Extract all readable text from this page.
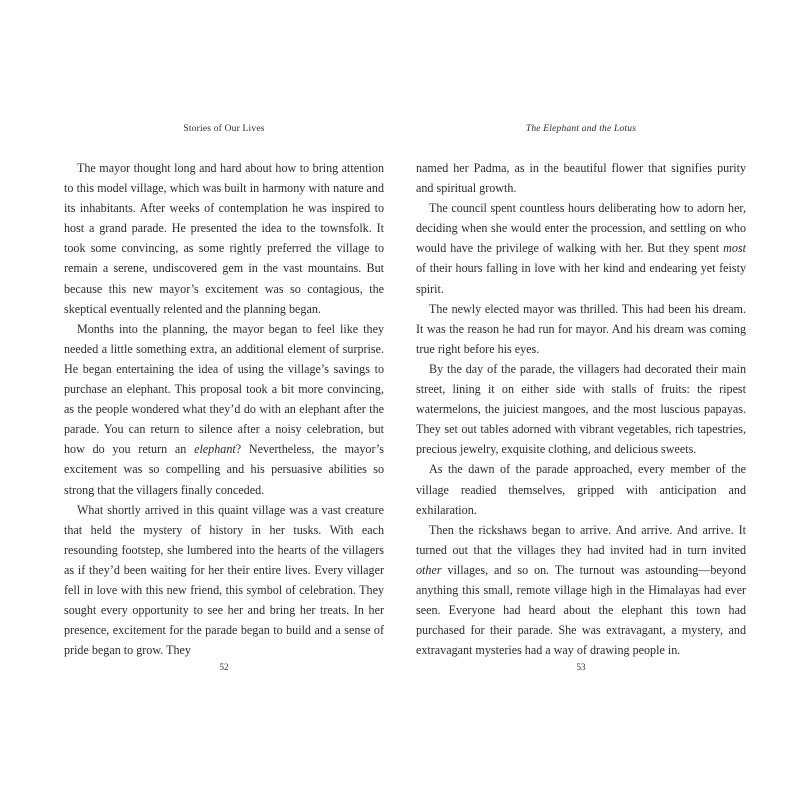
Stories of Our Lives

The mayor thought long and hard about how to bring attention to this model village, which was built in harmony with nature and its inhabitants. After weeks of contemplation he was inspired to host a grand parade. He presented the idea to the townsfolk. It took some convincing, as some rightly preferred the village to remain a serene, undiscovered gem in the vast mountains. But because this new mayor’s excitement was so contagious, the skeptical eventually relented and the planning began.

Months into the planning, the mayor began to feel like they needed a little something extra, an additional element of surprise. He began entertaining the idea of using the village’s savings to purchase an elephant. This proposal took a bit more convincing, as the people wondered what they’d do with an elephant after the parade. You can return to silence after a noisy celebration, but how do you return an elephant? Nevertheless, the mayor’s excitement was so compelling and his persuasive abilities so strong that the villagers finally conceded.

What shortly arrived in this quaint village was a vast creature that held the mystery of history in her tusks. With each resounding footstep, she lumbered into the hearts of the villagers as if they’d been waiting for her their entire lives. Every villager fell in love with this new friend, this symbol of celebration. They sought every opportunity to see her and bring her treats. In her presence, excitement for the parade began to build and a sense of pride began to grow. They

52
The Elephant and the Lotus

named her Padma, as in the beautiful flower that signifies purity and spiritual growth.

The council spent countless hours deliberating how to adorn her, deciding when she would enter the procession, and settling on who would have the privilege of walking with her. But they spent most of their hours falling in love with her kind and endearing yet feisty spirit.

The newly elected mayor was thrilled. This had been his dream. It was the reason he had run for mayor. And his dream was coming true right before his eyes.

By the day of the parade, the villagers had decorated their main street, lining it on either side with stalls of fruits: the ripest watermelons, the juiciest mangoes, and the most luscious papayas. They set out tables adorned with vibrant vegetables, rich tapestries, precious jewelry, exquisite clothing, and delicious sweets.

As the dawn of the parade approached, every member of the village readied themselves, gripped with anticipation and exhilaration.

Then the rickshaws began to arrive. And arrive. And arrive. It turned out that the villages they had invited had in turn invited other villages, and so on. The turnout was astounding—beyond anything this small, remote village high in the Himalayas had ever seen. Everyone had heard about the elephant this town had purchased for their parade. She was extravagant, a mystery, and extravagant mysteries had a way of drawing people in.

53
